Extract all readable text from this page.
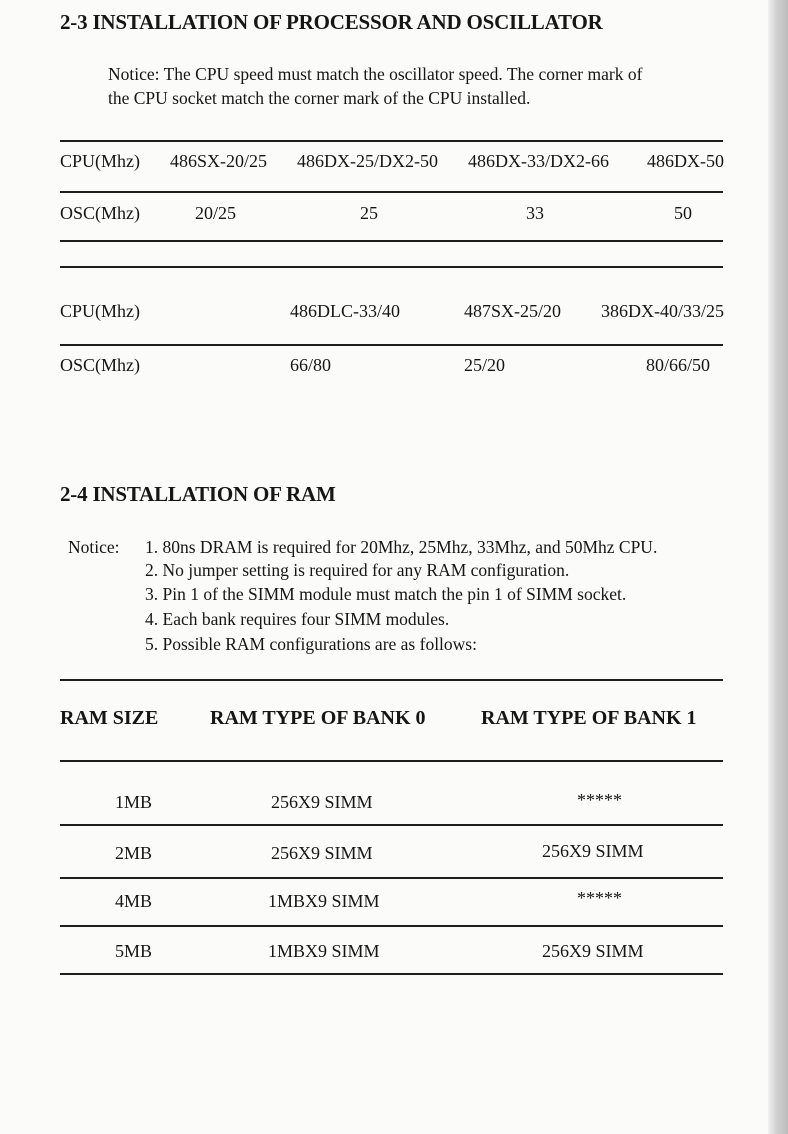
2-3 INSTALLATION OF PROCESSOR AND OSCILLATOR
Notice: The CPU speed must match the oscillator speed. The corner mark of
the CPU socket match the corner mark of the CPU installed.
CPU(Mhz) 486SX-20/25 486DX-25/DX2-50 486DX-33/DX2-66	486DX-50
OSC(Mhz)	20/25	25	33	50
CPU(Mhz)	486DLC-33/40	487SX-25/20	386DX-40/33/25
OSC(Mhz)	66/80	25/20	80/66/50
2-4 INSTALLATION OF RAM
Notice: 1. 80ns DRAM is required for 20Mhz, 25Mhz, 33Mhz, and 50Mhz CPU.
2. No jumper setting is required for any RAM configuration.
3. Pin 1 of the SIMM module must match the pin 1 of SIMM socket.
4. Each bank requires four SIMM modules.
5. Possible RAM configurations are as follows:
RAM SIZE	RAM TYPE OF BANK 0	RAM TYPE OF BANK 1
1MB	256X9 SIMM	*****
2MB	256X9 SIMM	256X9 SIMM
4MB	1MBX9 SIMM	*****
5MB	1MBX9 SIMM	256X9 SIMM
